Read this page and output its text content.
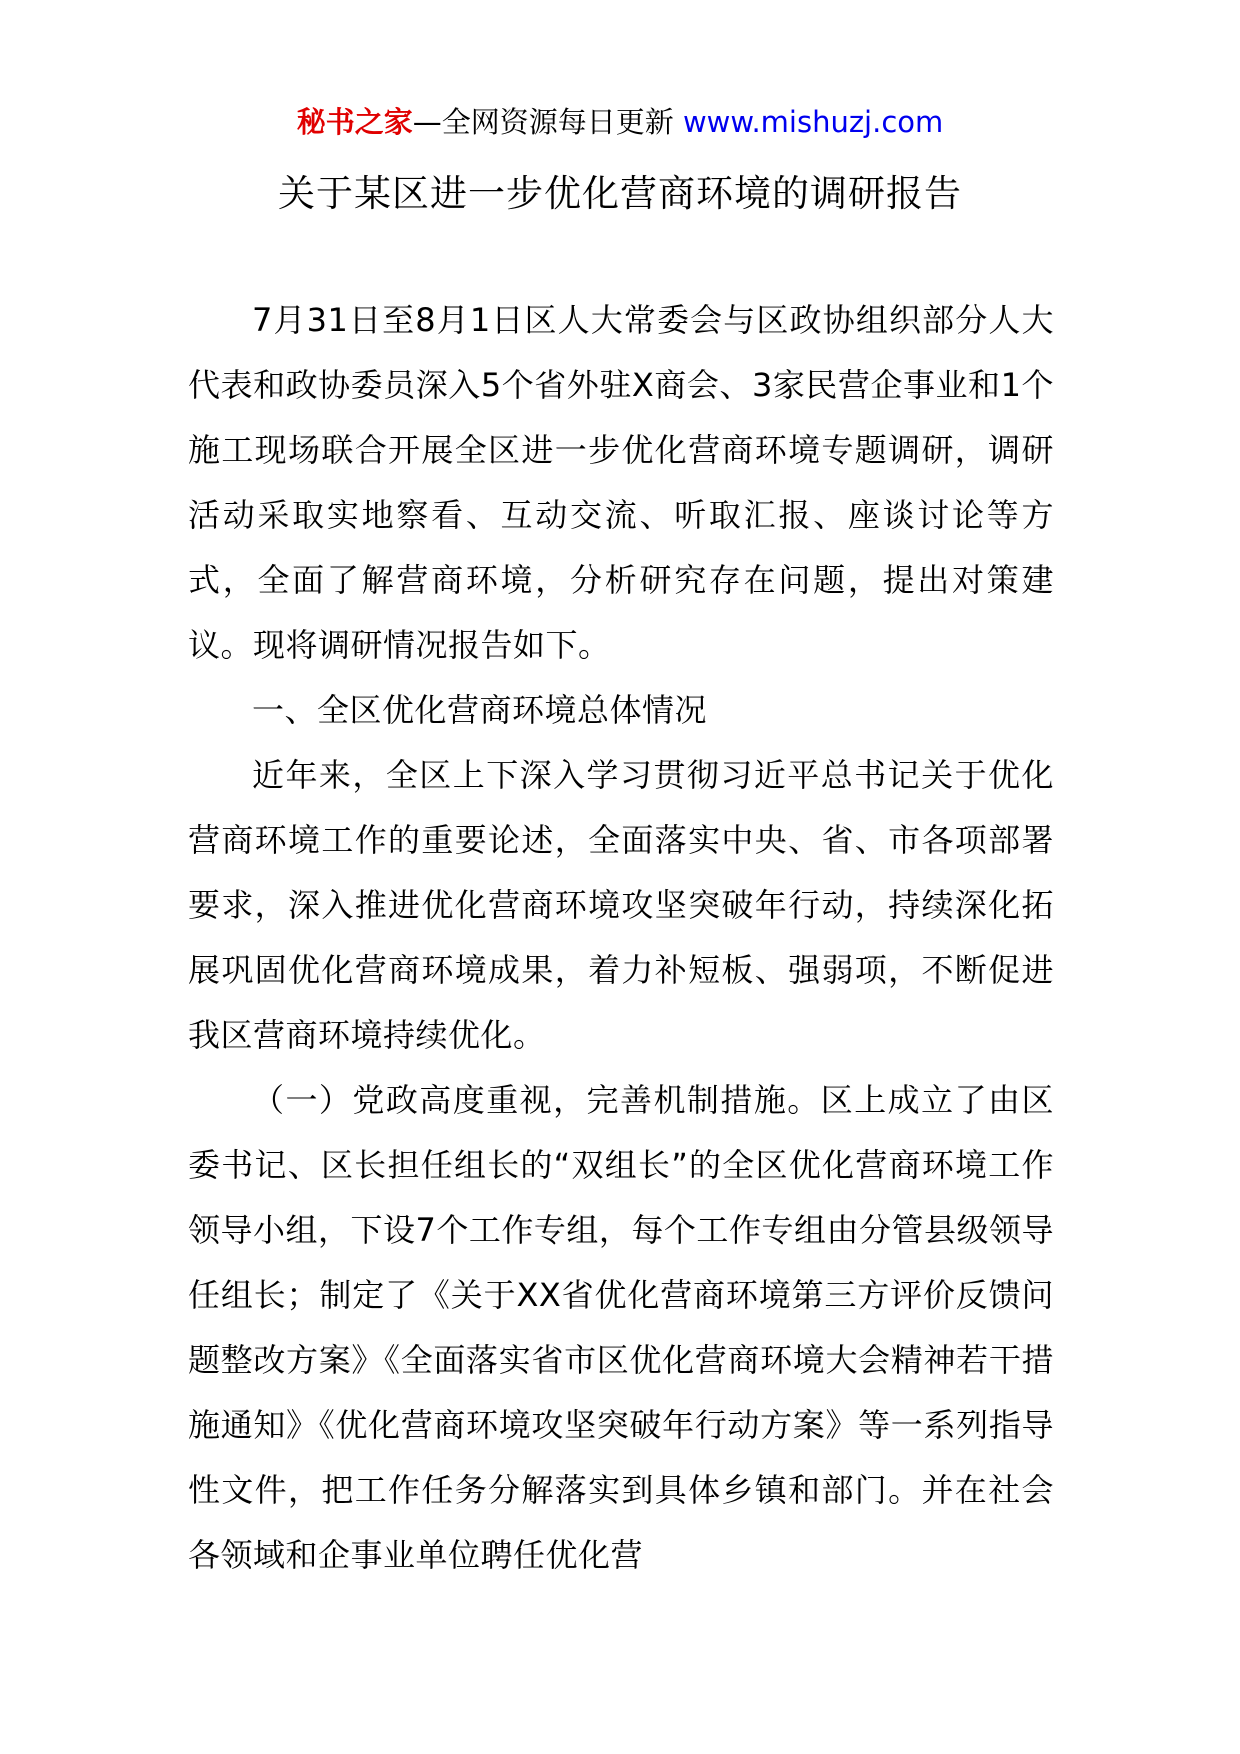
秘书之家—全网资源每日更新 www.mishuzj.com
关于某区进一步优化营商环境的调研报告

7月31日至8月1日区人大常委会与区政协组织部分人大代表和政协委员深入5个省外驻X商会、3家民营企事业和1个施工现场联合开展全区进一步优化营商环境专题调研，调研活动采取实地察看、互动交流、听取汇报、座谈讨论等方式，全面了解营商环境，分析研究存在问题，提出对策建议。现将调研情况报告如下。

一、全区优化营商环境总体情况

近年来，全区上下深入学习贯彻习近平总书记关于优化营商环境工作的重要论述，全面落实中央、省、市各项部署要求，深入推进优化营商环境攻坚突破年行动，持续深化拓展巩固优化营商环境成果，着力补短板、强弱项，不断促进我区营商环境持续优化。

（一）党政高度重视，完善机制措施。区上成立了由区委书记、区长担任组长的“双组长”的全区优化营商环境工作领导小组，下设7个工作专组，每个工作专组由分管县级领导任组长；制定了《关于XX省优化营商环境第三方评价反馈问题整改方案》《全面落实省市区优化营商环境大会精神若干措施通知》《优化营商环境攻坚突破年行动方案》等一系列指导性文件，把工作任务分解落实到具体乡镇和部门。并在社会各领域和企事业单位聘任优化营
